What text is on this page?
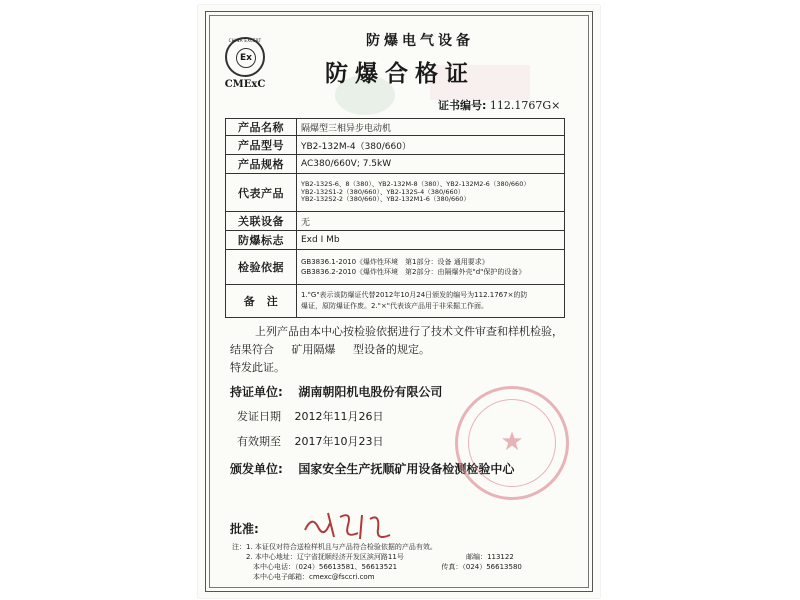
CHINA EXCERT
Ex
CMExC
防爆电气设备
防爆合格证
证书编号: 112.1767G×
产品名称	隔爆型三相异步电动机
产品型号	YB2-132M-4（380/660）
产品规格	AC380/660V; 7.5kW
代表产品	YB2-132S-6、8（380）、YB2-132M-8（380）、YB2-132M2-6（380/660）
YB2-132S1-2（380/660）、YB2-132S-4（380/660）
YB2-132S2-2（380/660）、YB2-132M1-6（380/660）

关联设备	无
防爆标志	Exd I Mb
检验依据	GB3836.1-2010《爆炸性环境　第1部分：设备 通用要求》
GB3836.2-2010《爆炸性环境　第2部分：由隔爆外壳"d"保护的设备》

备　注	1."G"表示该防爆证代替2012年10月24日颁发的编号为112.1767×的防
爆证，原防爆证作废。2."×"代表该产品用于非采掘工作面。
上列产品由本中心按检验依据进行了技术文件审查和样机检验，
结果符合 矿用隔爆 型设备的规定。
特发此证。
持证单位: 湖南朝阳机电股份有限公司
发证日期 2012年11月26日
有效期至 2017年10月23日
颁发单位: 国家安全生产抚顺矿用设备检测检验中心
★
批准:
注：1. 本证仅对符合送检样机且与产品符合检验依据的产品有效。
2. 本中心地址：辽宁省抚顺经济开发区滨河路11号	邮编：113122
本中心电话：（024）56613581、56613521	传真：（024）56613580
本中心电子邮箱：cmexc@fsccri.com
